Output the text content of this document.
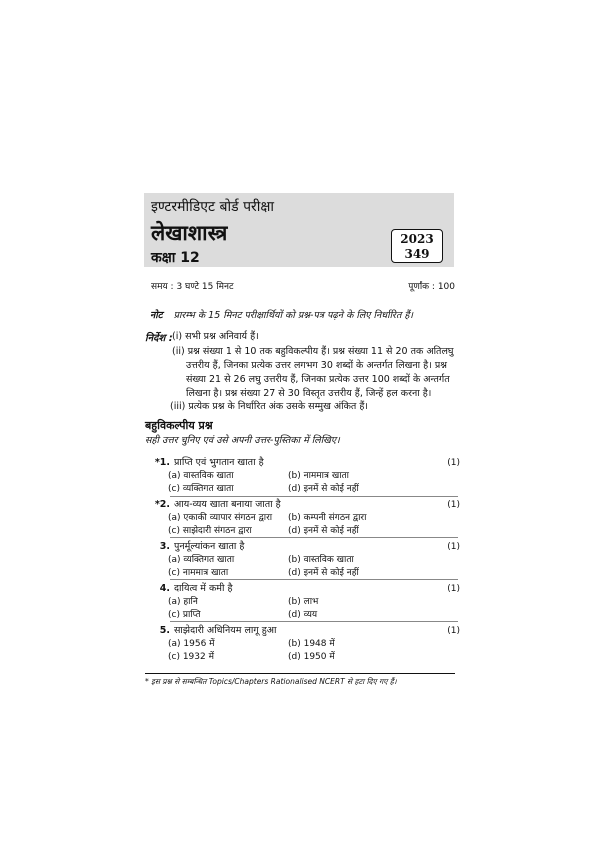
इण्टरमीडिएट बोर्ड परीक्षा
लेखाशास्त्र
कक्षा 12
2023
349
समय : 3 घण्टे 15 मिनट	पूर्णांक : 100
नोट प्रारम्भ के 15 मिनट परीक्षार्थियों को प्रश्न-पत्र पढ़ने के लिए निर्धारित हैं।
निर्देश : (i) सभी प्रश्न अनिवार्य हैं।
(ii) प्रश्न संख्या 1 से 10 तक बहुविकल्पीय हैं। प्रश्न संख्या 11 से 20 तक अतिलघु
उत्तरीय हैं, जिनका प्रत्येक उत्तर लगभग 30 शब्दों के अन्तर्गत लिखना है। प्रश्न
संख्या 21 से 26 लघु उत्तरीय हैं, जिनका प्रत्येक उत्तर 100 शब्दों के अन्तर्गत
लिखना है। प्रश्न संख्या 27 से 30 विस्तृत उत्तरीय हैं, जिन्हें हल करना है।
(iii) प्रत्येक प्रश्न के निर्धारित अंक उसके सम्मुख अंकित हैं।
बहुविकल्पीय प्रश्न
सही उत्तर चुनिए एवं उसे अपनी उत्तर-पुस्तिका में लिखिए।
*1. प्राप्ति एवं भुगतान खाता है	(1)
(a) वास्तविक खाता	(b) नाममात्र खाता
(c) व्यक्तिगत खाता	(d) इनमें से कोई नहीं
*2. आय-व्यय खाता बनाया जाता है	(1)
(a) एकाकी व्यापार संगठन द्वारा (b) कम्पनी संगठन द्वारा
(c) साझेदारी संगठन द्वारा	(d) इनमें से कोई नहीं
3. पुनर्मूल्यांकन खाता है	(1)
(a) व्यक्तिगत खाता	(b) वास्तविक खाता
(c) नाममात्र खाता	(d) इनमें से कोई नहीं
4. दायित्व में कमी है	(1)
(a) हानि	(b) लाभ
(c) प्राप्ति	(d) व्यय
5. साझेदारी अधिनियम लागू हुआ	(1)
(a) 1956 में	(b) 1948 में
(c) 1932 में	(d) 1950 में
* इस प्रश्न से सम्बन्धित Topics/Chapters Rationalised NCERT से हटा दिए गए हैं।
